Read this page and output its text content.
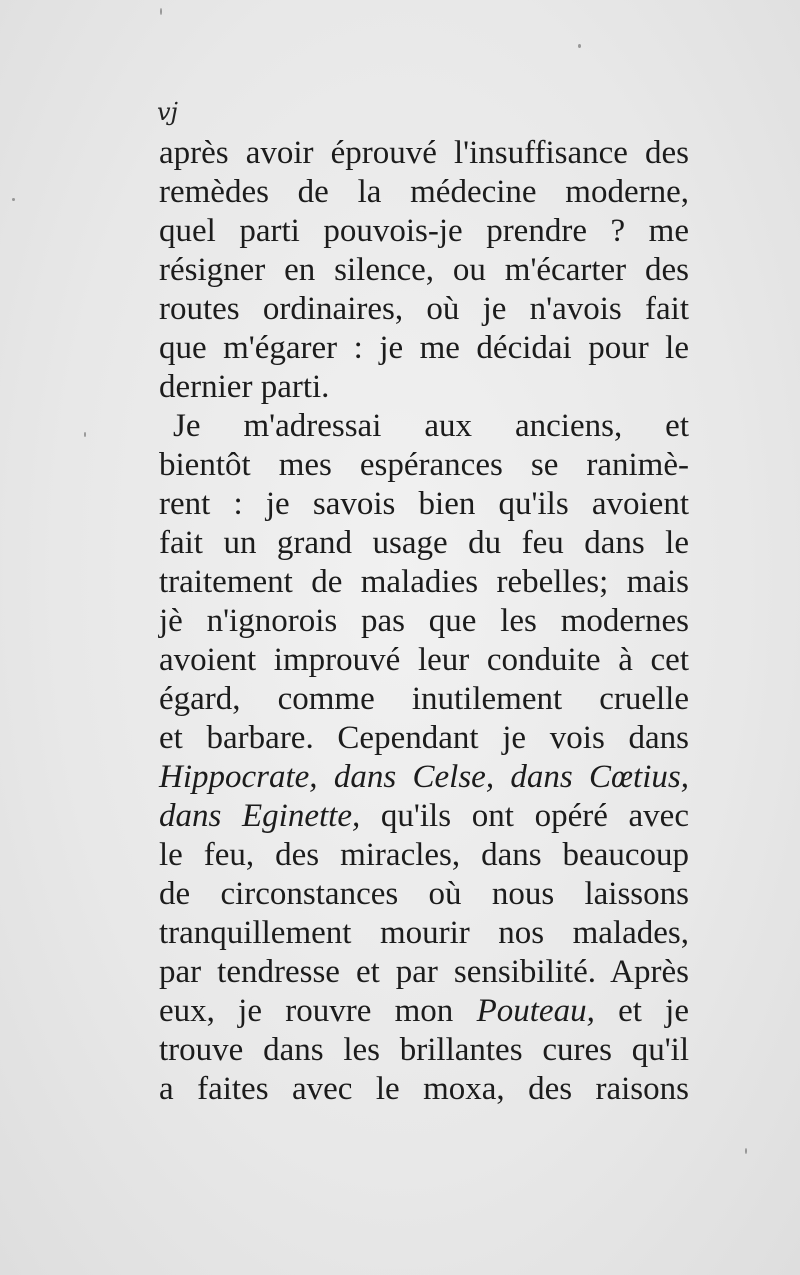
vj
après avoir éprouvé l'insuffisance des
remèdes de la médecine moderne,
quel parti pouvois-je prendre ? me
résigner en silence, ou m'écarter des
routes ordinaires, où je n'avois fait
que m'égarer : je me décidai pour le
dernier parti.
Je m'adressai aux anciens, et
bientôt mes espérances se ranimè-
rent : je savois bien qu'ils avoient
fait un grand usage du feu dans le
traitement de maladies rebelles; mais
jè n'ignorois pas que les modernes
avoient improuvé leur conduite à cet
égard, comme inutilement cruelle
et barbare. Cependant je vois dans
Hippocrate, dans Celse, dans Cœtius,
dans Eginette, qu'ils ont opéré avec
le feu, des miracles, dans beaucoup
de circonstances où nous laissons
tranquillement mourir nos malades,
par tendresse et par sensibilité. Après
eux, je rouvre mon Pouteau, et je
trouve dans les brillantes cures qu'il
a faites avec le moxa, des raisons
